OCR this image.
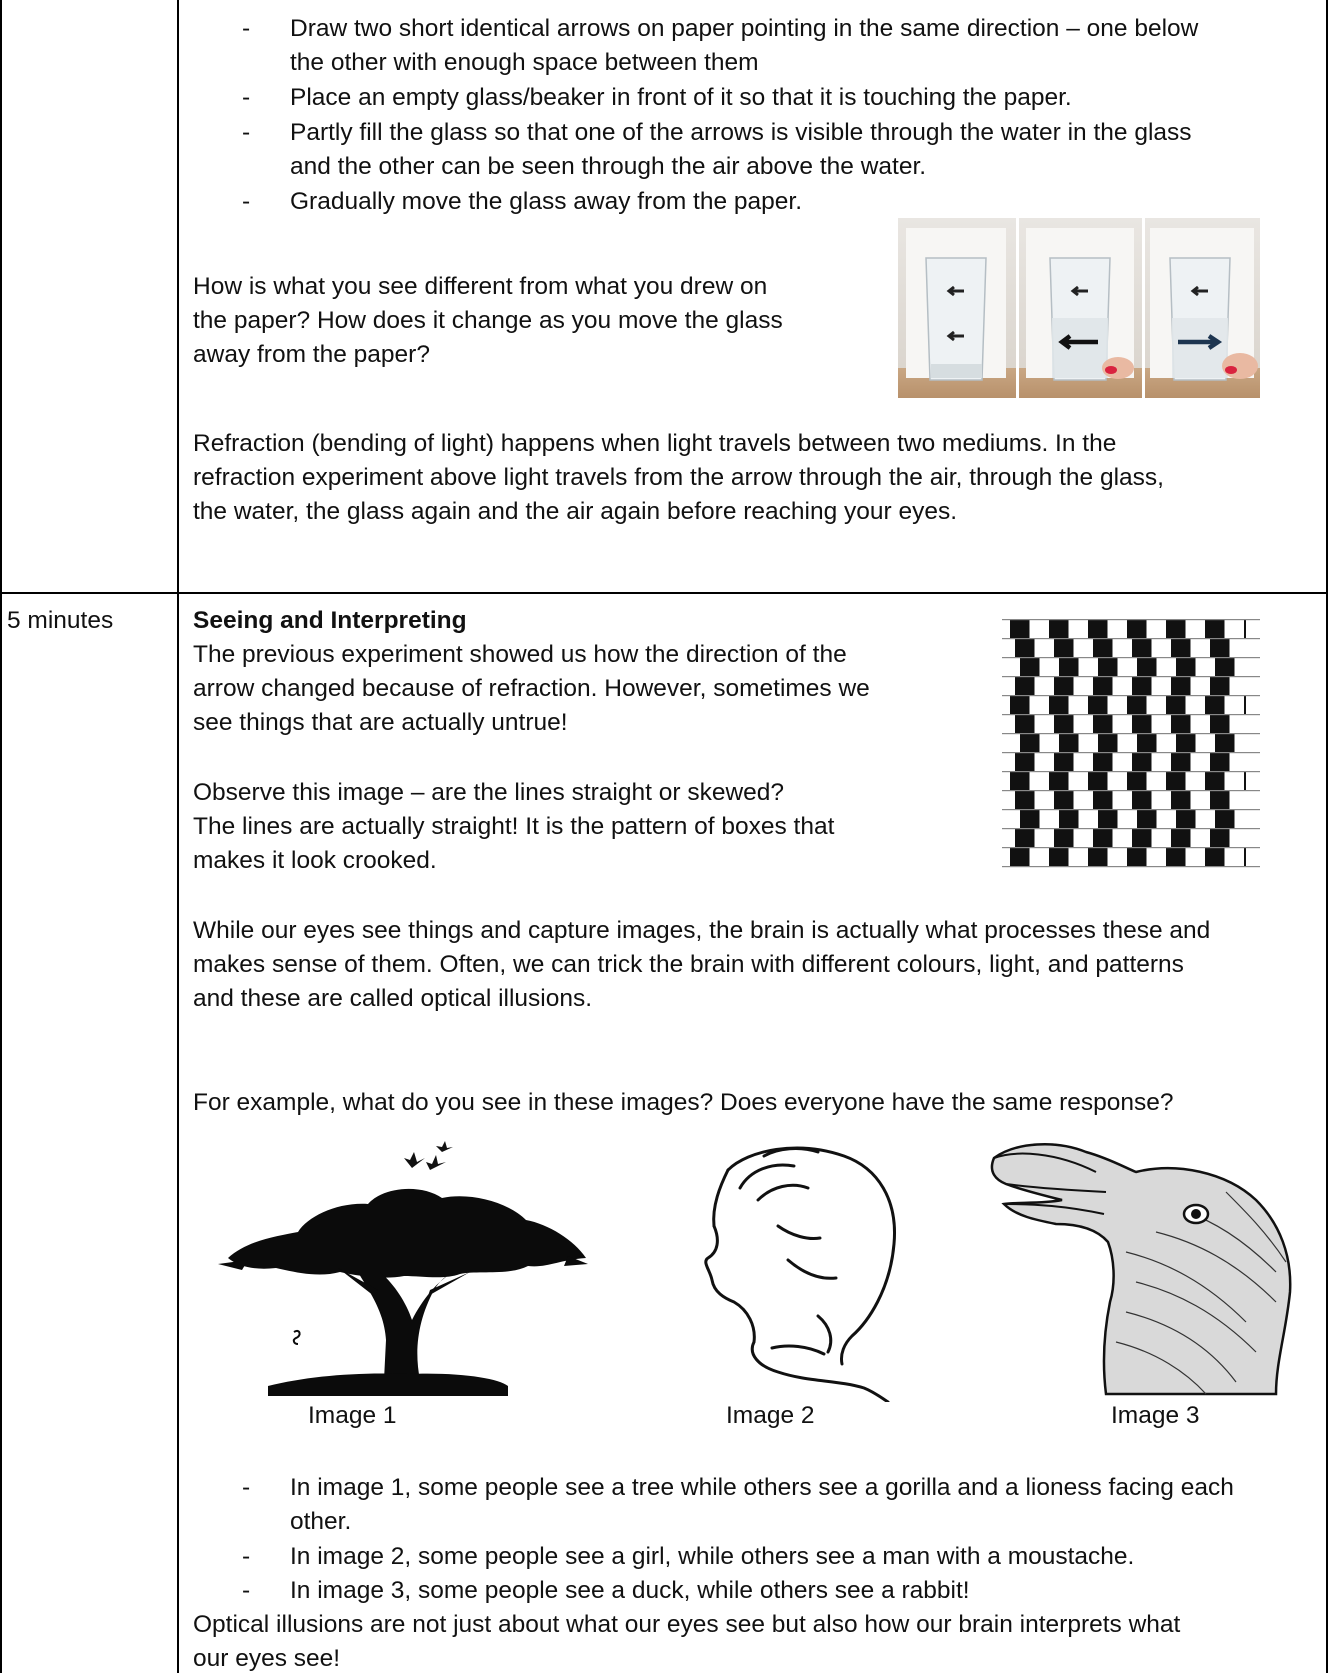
- Draw two short identical arrows on paper pointing in the same direction – one below
the other with enough space between them
- Place an empty glass/beaker in front of it so that it is touching the paper.
- Partly fill the glass so that one of the arrows is visible through the water in the glass
and the other can be seen through the air above the water.
- Gradually move the glass away from the paper.
How is what you see different from what you drew on
the paper? How does it change as you move the glass
away from the paper?
Refraction (bending of light) happens when light travels between two mediums. In the
refraction experiment above light travels from the arrow through the air, through the glass,
the water, the glass again and the air again before reaching your eyes.
5 minutes	Seeing and Interpreting
The previous experiment showed us how the direction of the
arrow changed because of refraction. However, sometimes we
see things that are actually untrue!
Observe this image – are the lines straight or skewed?
The lines are actually straight! It is the pattern of boxes that
makes it look crooked.
While our eyes see things and capture images, the brain is actually what processes these and
makes sense of them. Often, we can trick the brain with different colours, light, and patterns
and these are called optical illusions.
For example, what do you see in these images? Does everyone have the same response?
Image 1	Image 2	Image 3
- In image 1, some people see a tree while others see a gorilla and a lioness facing each
other.
- In image 2, some people see a girl, while others see a man with a moustache.
- In image 3, some people see a duck, while others see a rabbit!
Optical illusions are not just about what our eyes see but also how our brain interprets what
our eyes see!
